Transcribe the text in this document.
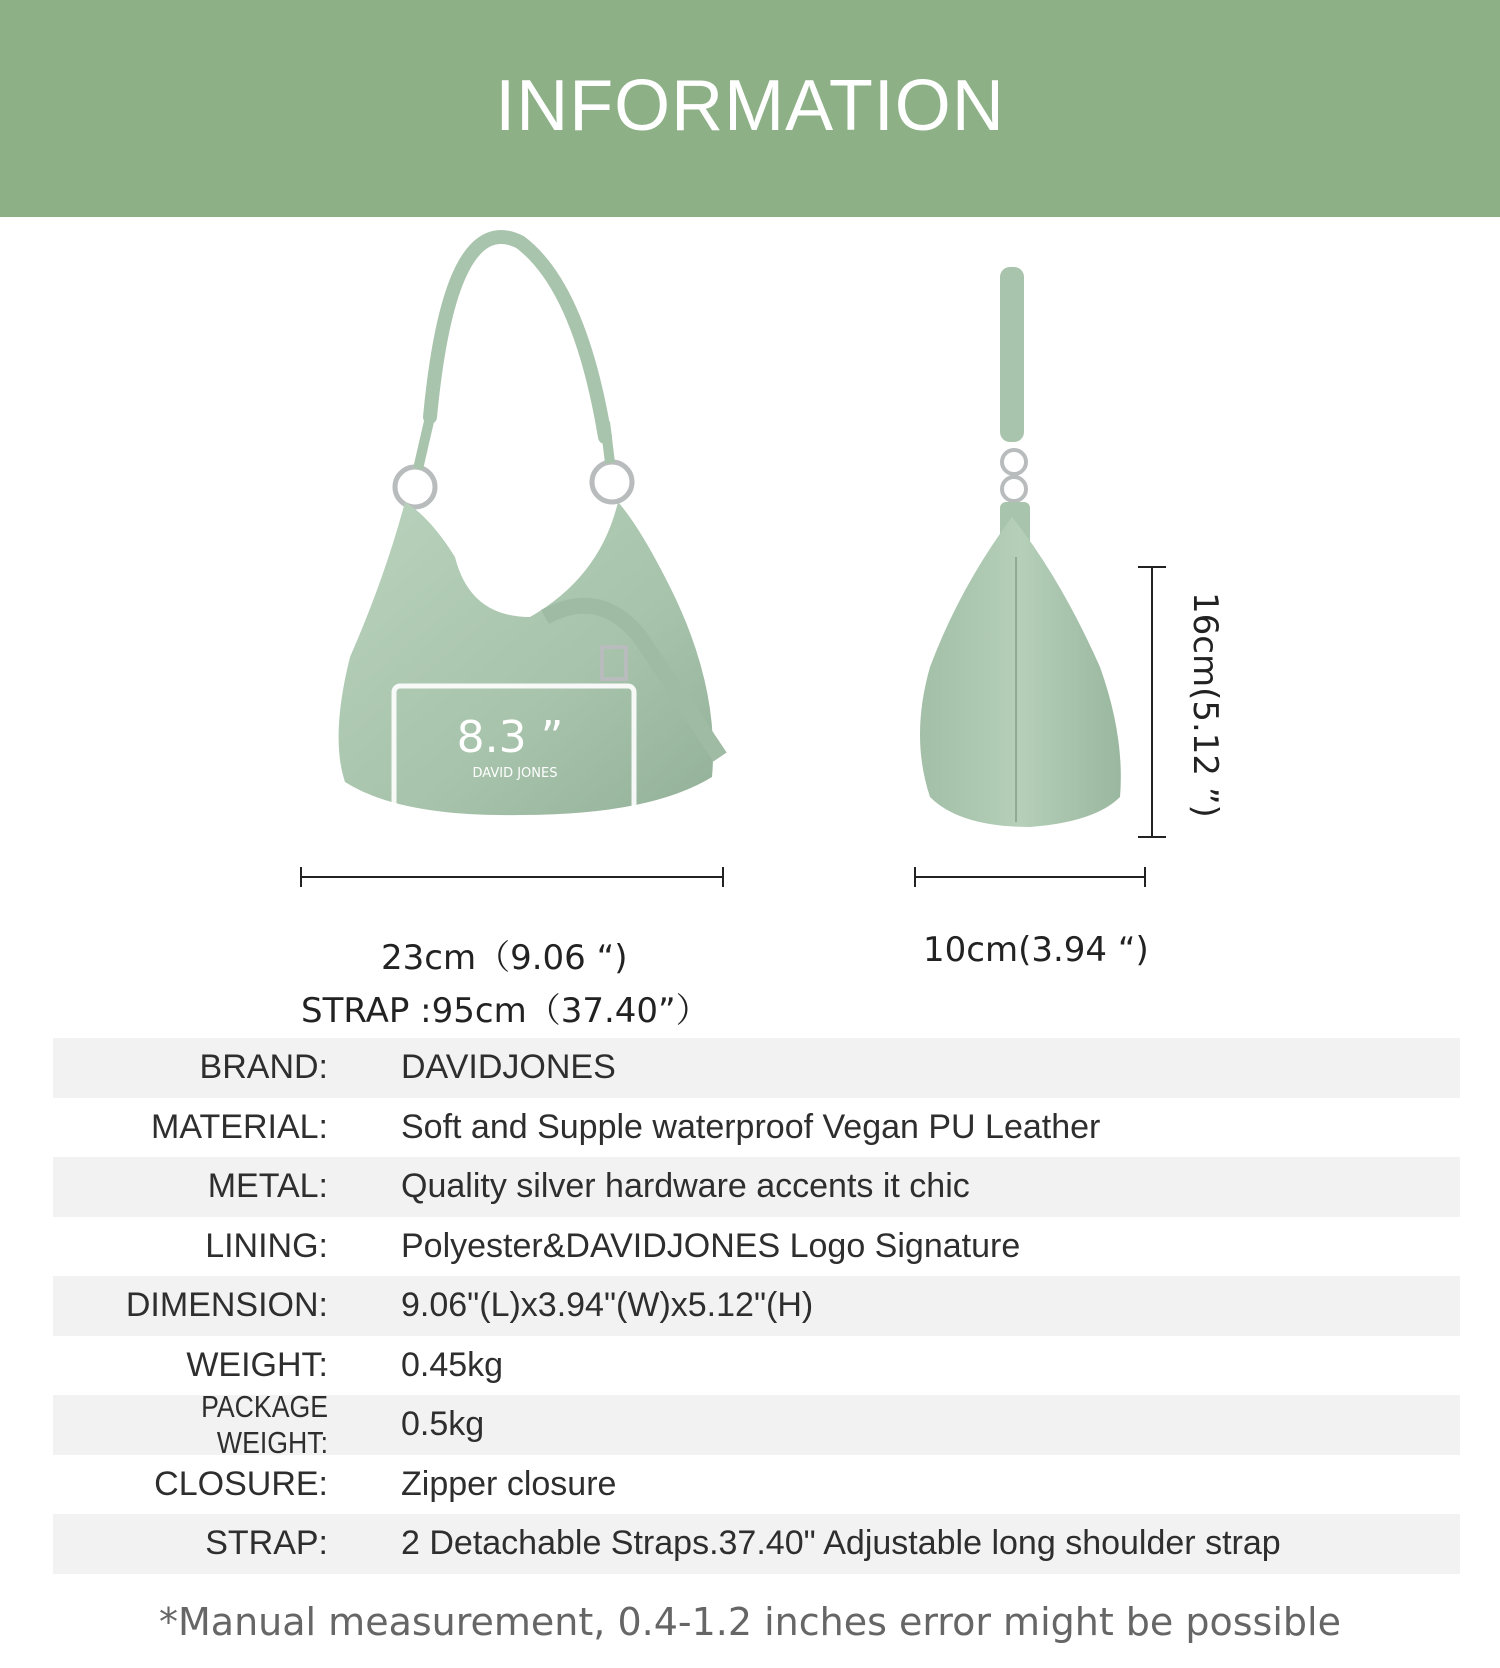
INFORMATION
DAVID JONES
8.3 ”
23cm（9.06 “)
STRAP :95cm（37.40”）
10cm(3.94 “)
16cm(5.12 ”)
BRAND: DAVIDJONES
MATERIAL: Soft and Supple waterproof Vegan PU Leather
METAL: Quality silver hardware accents it chic
LINING: Polyester&DAVIDJONES Logo Signature
DIMENSION: 9.06"(L)x3.94"(W)x5.12"(H)
WEIGHT: 0.45kg
PACKAGE WEIGHT: 0.5kg
CLOSURE: Zipper closure
STRAP: 2 Detachable Straps.37.40" Adjustable long shoulder strap
*Manual measurement, 0.4-1.2 inches error might be possible
